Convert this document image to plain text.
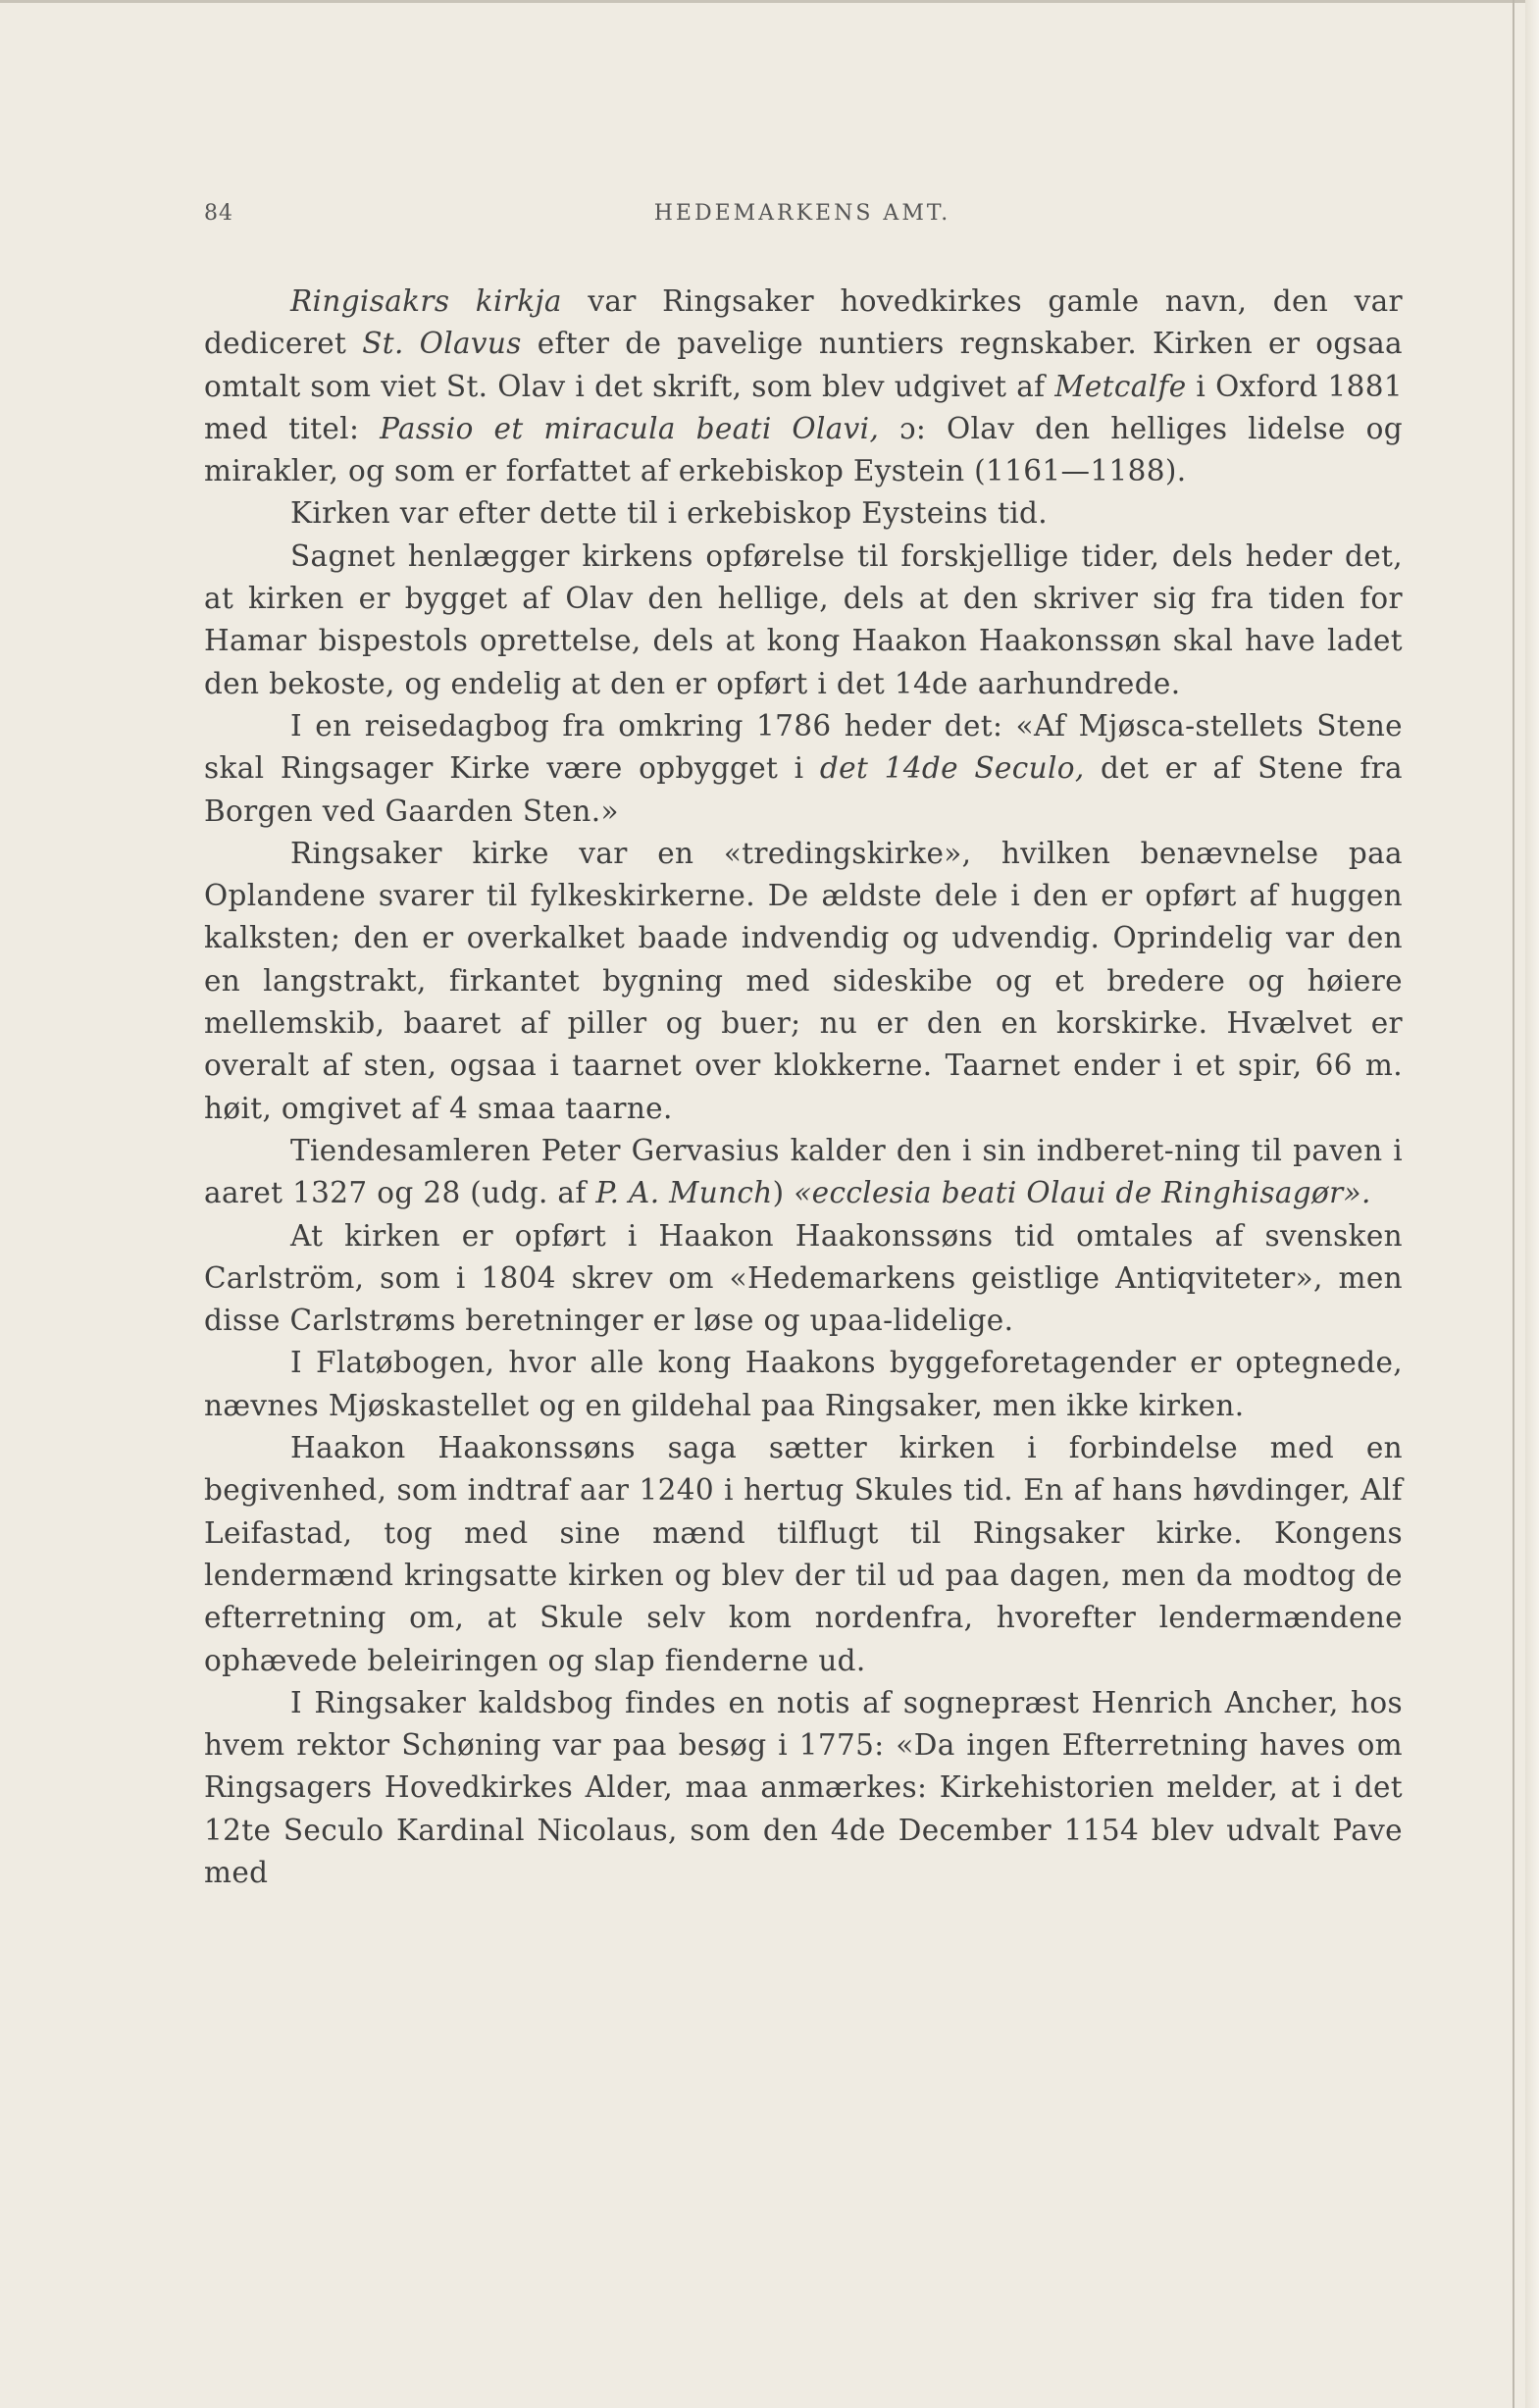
84	HEDEMARKENS AMT.

Ringisakrs kirkja var Ringsaker hovedkirkes gamle navn, den var dediceret St. Olavus efter de pavelige nuntiers regnskaber. Kirken er ogsaa omtalt som viet St. Olav i det skrift, som blev udgivet af Metcalfe i Oxford 1881 med titel: Passio et miracula beati Olavi, ɔ: Olav den helliges lidelse og mirakler, og som er forfattet af erkebiskop Eystein (1161—1188).

Kirken var efter dette til i erkebiskop Eysteins tid.

Sagnet henlægger kirkens opførelse til forskjellige tider, dels heder det, at kirken er bygget af Olav den hellige, dels at den skriver sig fra tiden for Hamar bispestols oprettelse, dels at kong Haakon Haakonssøn skal have ladet den bekoste, og endelig at den er opført i det 14de aarhundrede.

I en reisedagbog fra omkring 1786 heder det: «Af Mjøsca-stellets Stene skal Ringsager Kirke være opbygget i det 14de Seculo, det er af Stene fra Borgen ved Gaarden Sten.»

Ringsaker kirke var en «tredingskirke», hvilken benævnelse paa Oplandene svarer til fylkeskirkerne. De ældste dele i den er opført af huggen kalksten; den er overkalket baade indvendig og udvendig. Oprindelig var den en langstrakt, firkantet bygning med sideskibe og et bredere og høiere mellemskib, baaret af piller og buer; nu er den en korskirke. Hvælvet er overalt af sten, ogsaa i taarnet over klokkerne. Taarnet ender i et spir, 66 m. høit, omgivet af 4 smaa taarne.

Tiendesamleren Peter Gervasius kalder den i sin indberet-ning til paven i aaret 1327 og 28 (udg. af P. A. Munch) «ecclesia beati Olaui de Ringhisagør».

At kirken er opført i Haakon Haakonssøns tid omtales af svensken Carlström, som i 1804 skrev om «Hedemarkens geistlige Antiqviteter», men disse Carlstrøms beretninger er løse og upaa-lidelige.

I Flatøbogen, hvor alle kong Haakons byggeforetagender er optegnede, nævnes Mjøskastellet og en gildehal paa Ringsaker, men ikke kirken.

Haakon Haakonssøns saga sætter kirken i forbindelse med en begivenhed, som indtraf aar 1240 i hertug Skules tid. En af hans høvdinger, Alf Leifastad, tog med sine mænd tilflugt til Ringsaker kirke. Kongens lendermænd kringsatte kirken og blev der til ud paa dagen, men da modtog de efterretning om, at Skule selv kom nordenfra, hvorefter lendermændene ophævede beleiringen og slap fienderne ud.

I Ringsaker kaldsbog findes en notis af sognepræst Henrich Ancher, hos hvem rektor Schøning var paa besøg i 1775: «Da ingen Efterretning haves om Ringsagers Hovedkirkes Alder, maa anmærkes: Kirkehistorien melder, at i det 12te Seculo Kardinal Nicolaus, som den 4de December 1154 blev udvalt Pave med
